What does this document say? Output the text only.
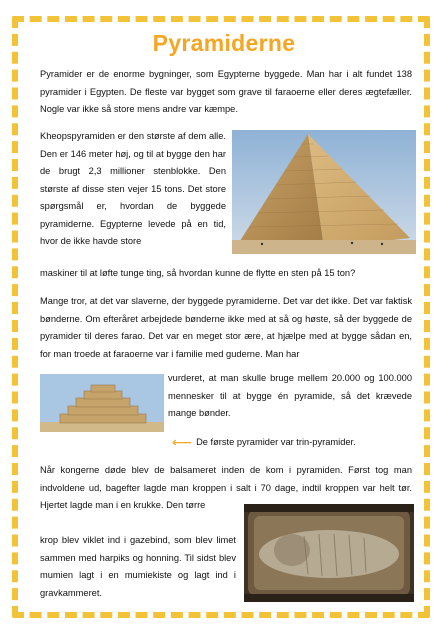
Pyramiderne

Pyramider er de enorme bygninger, som Egypterne byggede. Man har i alt fundet 138 pyramider i Egypten. De fleste var bygget som grave til faraoerne eller deres ægtefæller. Nogle var ikke så store mens andre var kæmpe.

Kheopspyramiden er den største af dem alle. Den er 146 meter høj, og til at bygge den har de brugt 2,3 millioner stenblokke. Den største af disse sten vejer 15 tons. Det store spørgsmål er, hvordan de byggede pyramiderne. Egypterne levede på en tid, hvor de ikke havde store

maskiner til at løfte tunge ting, så hvordan kunne de flytte en sten på 15 ton?

Mange tror, at det var slaverne, der byggede pyramiderne. Det var det ikke. Det var faktisk bønderne. Om efteråret arbejdede bønderne ikke med at så og høste, så der byggede de pyramider til deres farao. Det var en meget stor ære, at hjælpe med at bygge sådan en, for man troede at faraoerne var i familie med guderne. Man har

vurderet, at man skulle bruge mellem 20.000 og 100.000 mennesker til at bygge én pyramide, så det krævede mange bønder.

⟵ De første pyramider var trin-pyramider.

Når kongerne døde blev de balsameret inden de kom i pyramiden. Først tog man indvoldene ud, bagefter lagde man kroppen i salt i 70 dage, indtil kroppen var helt tør. Hjertet lagde man i en krukke. Den tørre

krop blev viklet ind i gazebind, som blev limet sammen med harpiks og honning. Til sidst blev mumien lagt i en mumiekiste og lagt ind i gravkammeret.
